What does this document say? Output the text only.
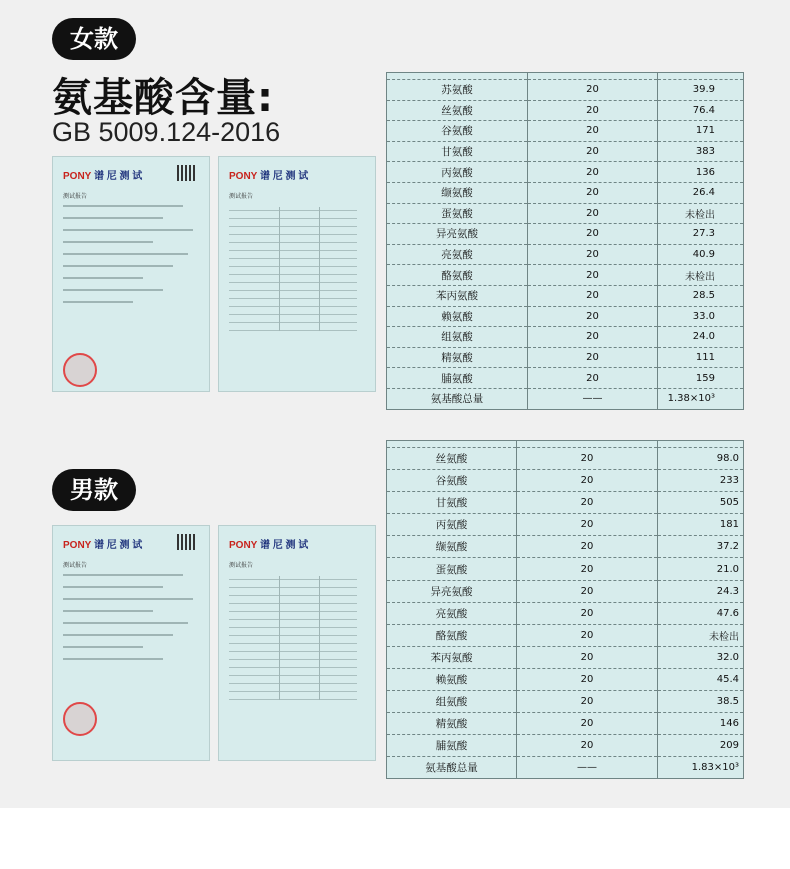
女款
氨基酸含量:
GB 5009.124-2016
PONY 谱 尼 测 试
测试报告
PONY 谱 尼 测 试
测试报告

苏氨酸	20	39.9
丝氨酸	20	76.4
谷氨酸	20	171
甘氨酸	20	383
丙氨酸	20	136
缬氨酸	20	26.4
蛋氨酸	20	未检出
异亮氨酸	20	27.3
亮氨酸	20	40.9
酪氨酸	20	未检出
苯丙氨酸	20	28.5
赖氨酸	20	33.0
组氨酸	20	24.0
精氨酸	20	111
脯氨酸	20	159
氨基酸总量	——	1.38×10³
男款
PONY 谱 尼 测 试
测试报告
PONY 谱 尼 测 试
测试报告

丝氨酸	20	98.0
谷氨酸	20	233
甘氨酸	20	505
丙氨酸	20	181
缬氨酸	20	37.2
蛋氨酸	20	21.0
异亮氨酸	20	24.3
亮氨酸	20	47.6
酪氨酸	20	未检出
苯丙氨酸	20	32.0
赖氨酸	20	45.4
组氨酸	20	38.5
精氨酸	20	146
脯氨酸	20	209
氨基酸总量	——	1.83×10³
